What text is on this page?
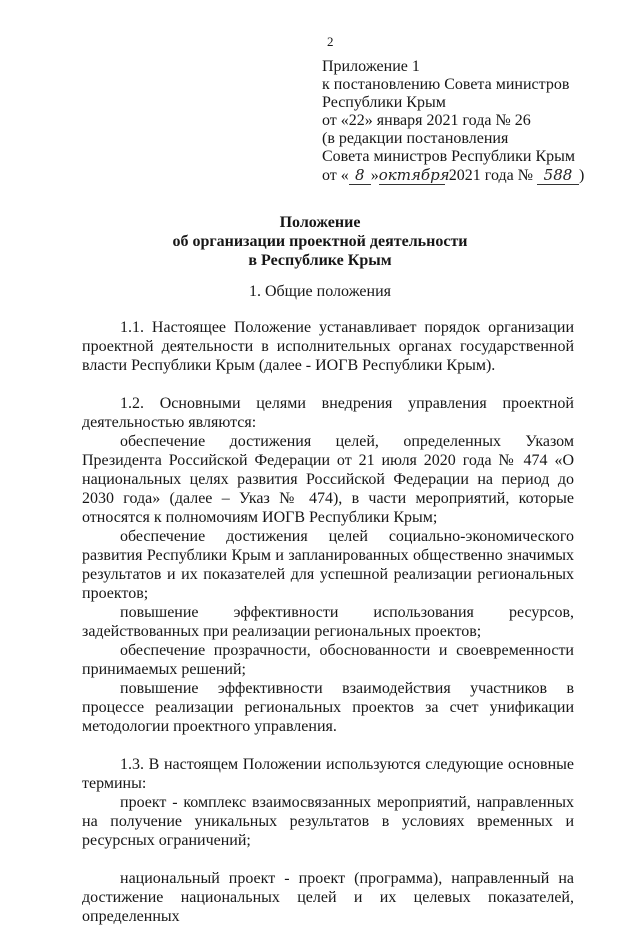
2
Приложение 1
к постановлению Совета министров
Республики Крым
от «22» января 2021 года № 26
(в редакции постановления
Совета министров Республики Крым
от « 8 »октября 2021 года № 588 )
Положение
об организации проектной деятельности
в Республике Крым
1. Общие положения

1.1. Настоящее Положение устанавливает порядок организации проектной деятельности в исполнительных органах государственной власти Республики Крым (далее - ИОГВ Республики Крым).

1.2. Основными целями внедрения управления проектной деятельностью являются:

обеспечение достижения целей, определенных Указом Президента Российской Федерации от 21 июля 2020 года № 474 «О национальных целях развития Российской Федерации на период до 2030 года» (далее – Указ № 474), в части мероприятий, которые относятся к полномочиям ИОГВ Республики Крым;

обеспечение достижения целей социально-экономического развития Республики Крым и запланированных общественно значимых результатов и их показателей для успешной реализации региональных проектов;

повышение эффективности использования ресурсов, задействованных при реализации региональных проектов;

обеспечение прозрачности, обоснованности и своевременности принимаемых решений;

повышение эффективности взаимодействия участников в процессе реализации региональных проектов за счет унификации методологии проектного управления.

1.3. В настоящем Положении используются следующие основные термины:

проект - комплекс взаимосвязанных мероприятий, направленных на получение уникальных результатов в условиях временных и ресурсных ограничений;

национальный проект - проект (программа), направленный на достижение национальных целей и их целевых показателей, определенных
